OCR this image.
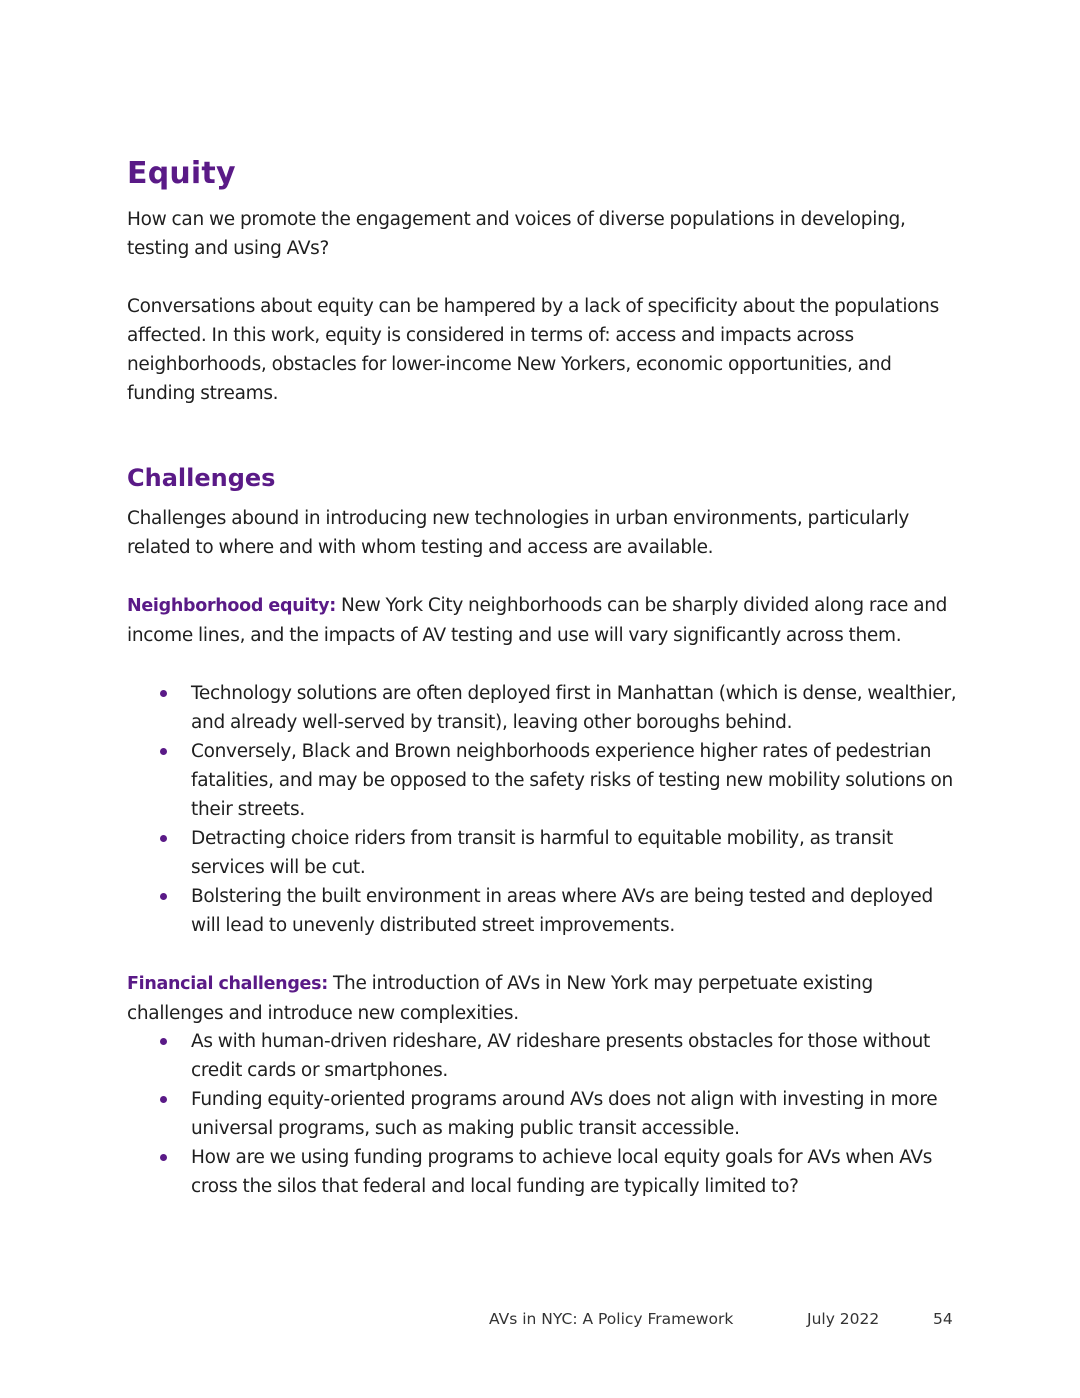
Equity

How can we promote the engagement and voices of diverse populations in developing, testing and using AVs?

Conversations about equity can be hampered by a lack of specificity about the populations affected. In this work, equity is considered in terms of: access and impacts across neighborhoods, obstacles for lower-income New Yorkers, economic opportunities, and funding streams.

Challenges

Challenges abound in introducing new technologies in urban environments, particularly related to where and with whom testing and access are available.

Neighborhood equity: New York City neighborhoods can be sharply divided along race and income lines, and the impacts of AV testing and use will vary significantly across them.

Technology solutions are often deployed first in Manhattan (which is dense, wealthier, and already well-served by transit), leaving other boroughs behind.
Conversely, Black and Brown neighborhoods experience higher rates of pedestrian fatalities, and may be opposed to the safety risks of testing new mobility solutions on their streets.
Detracting choice riders from transit is harmful to equitable mobility, as transit services will be cut.
Bolstering the built environment in areas where AVs are being tested and deployed will lead to unevenly distributed street improvements.

Financial challenges: The introduction of AVs in New York may perpetuate existing challenges and introduce new complexities.

As with human-driven rideshare, AV rideshare presents obstacles for those without credit cards or smartphones.
Funding equity-oriented programs around AVs does not align with investing in more universal programs, such as making public transit accessible.
How are we using funding programs to achieve local equity goals for AVs when AVs cross the silos that federal and local funding are typically limited to?
AVs in NYC: A Policy Framework	July 2022	54
